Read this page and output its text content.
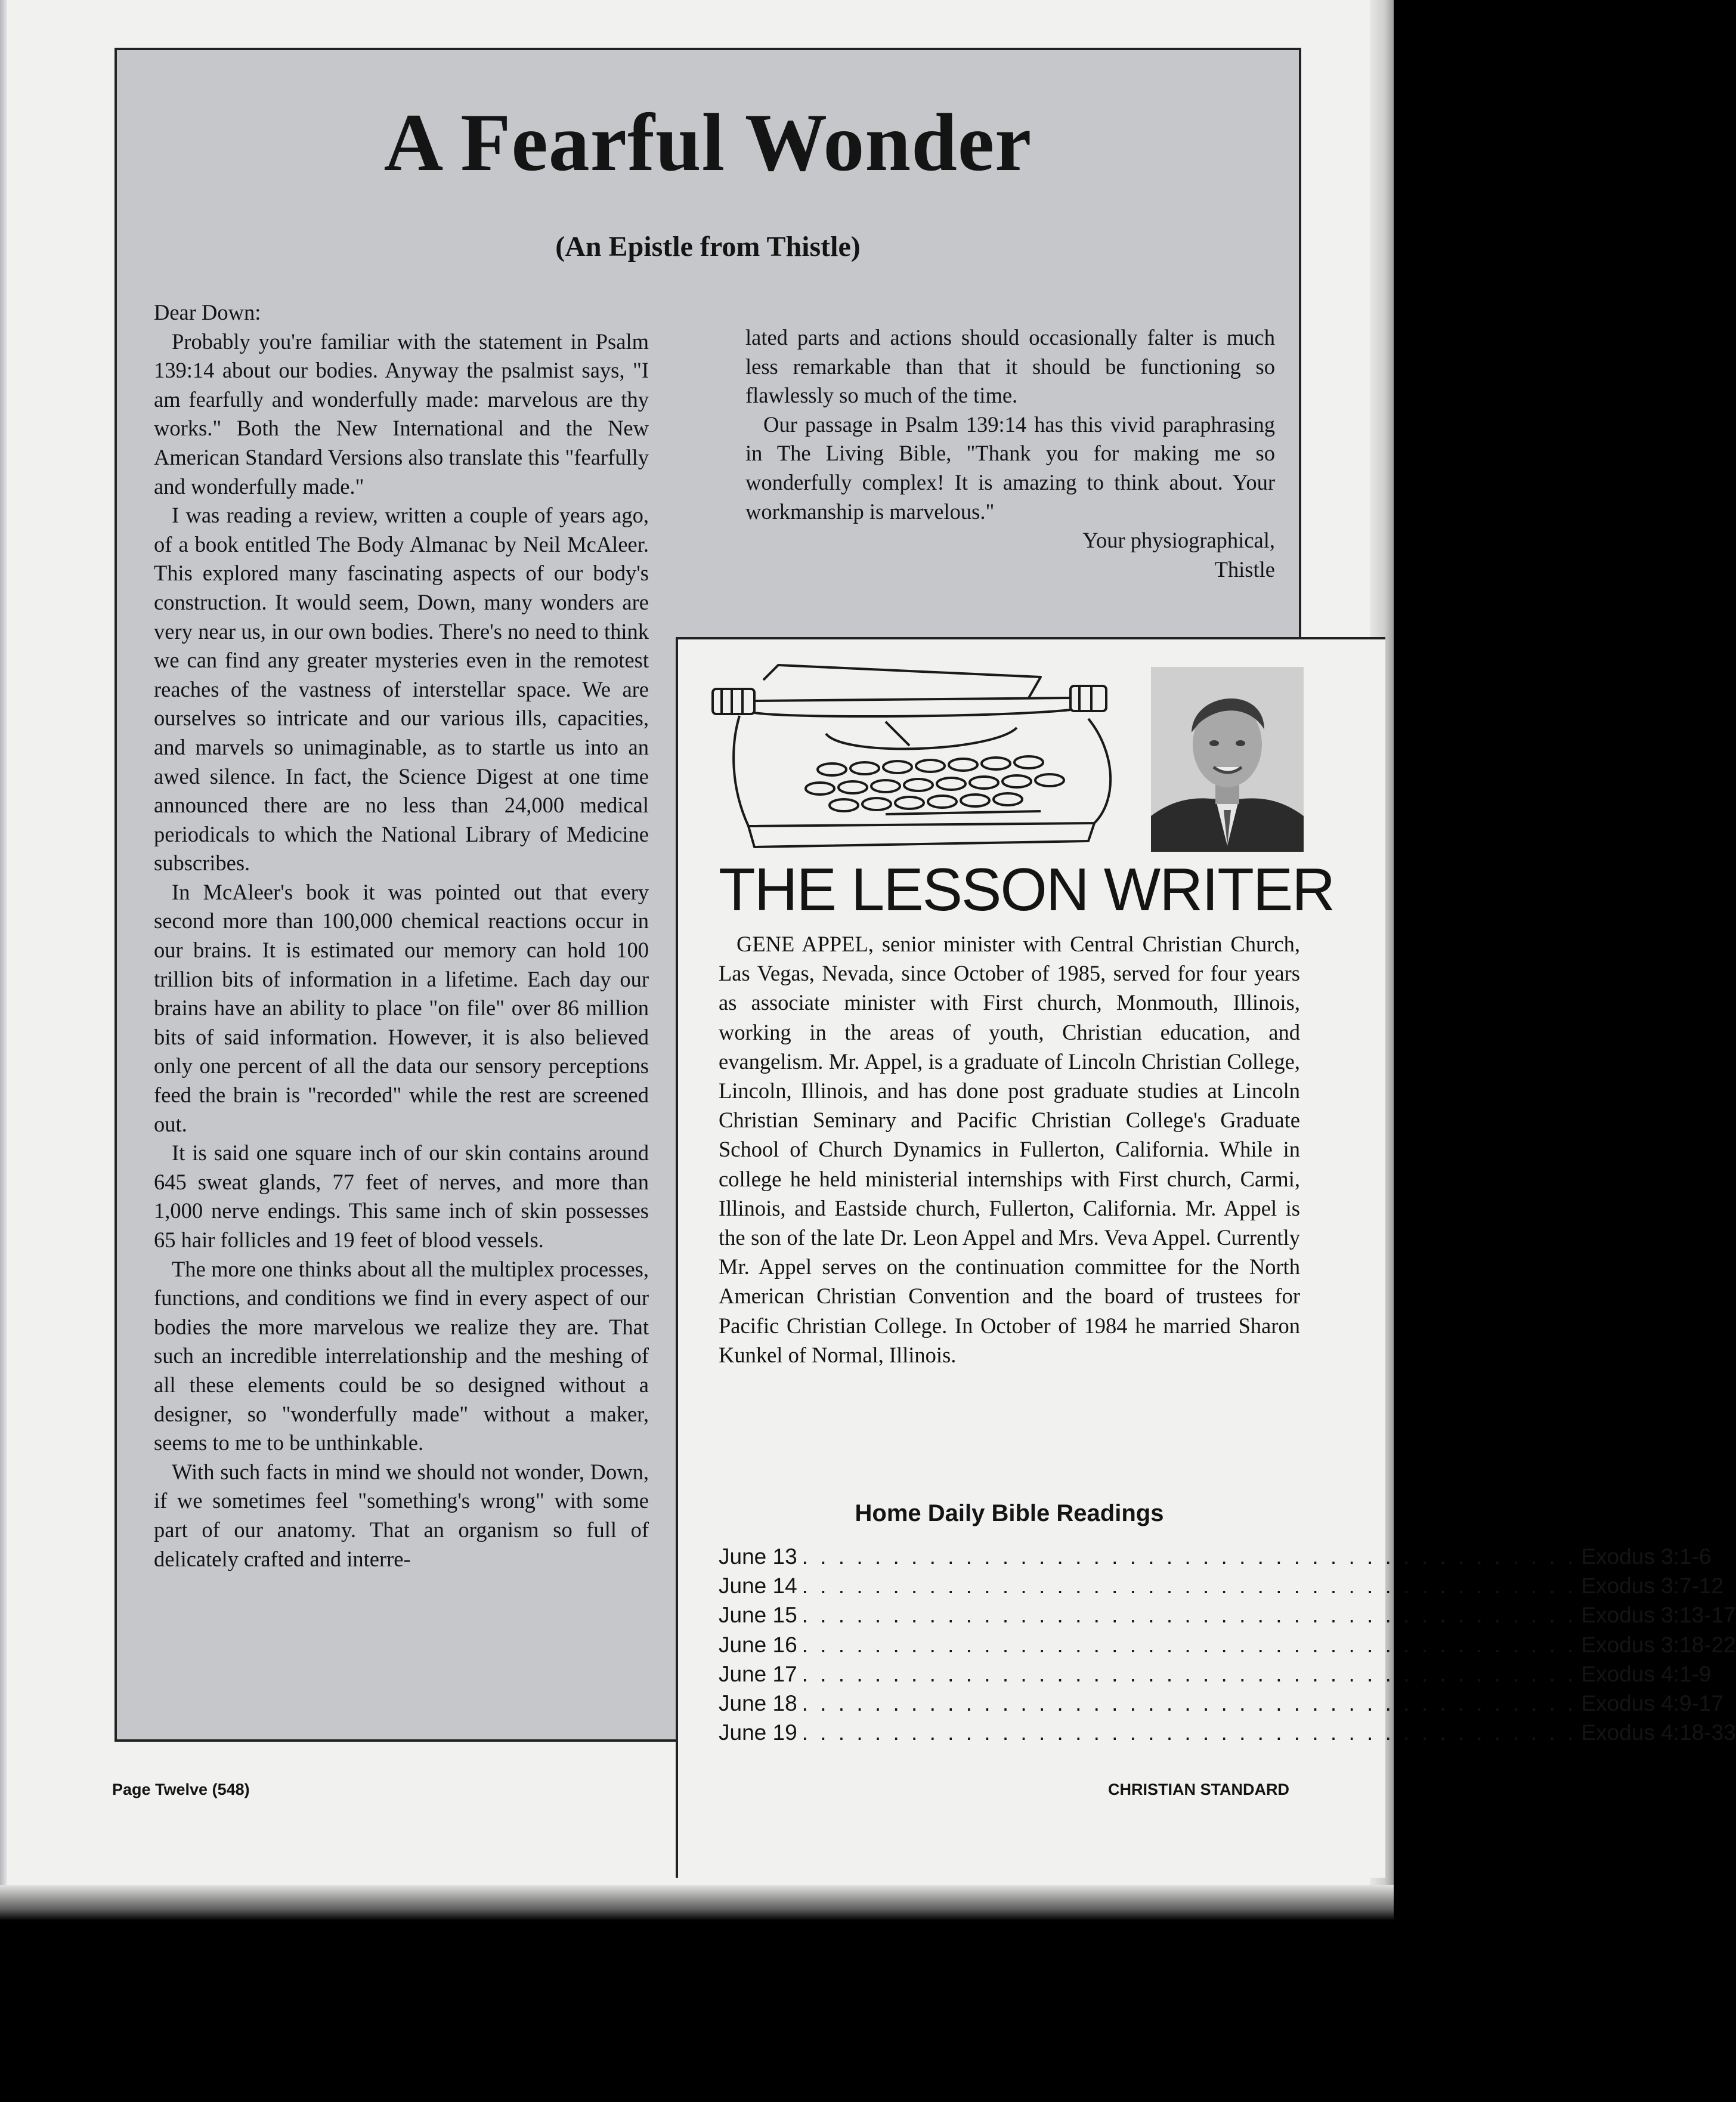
A Fearful Wonder
(An Epistle from Thistle)

Dear Down:

Probably you're familiar with the statement in Psalm 139:14 about our bodies. Anyway the psalmist says, "I am fearfully and wonderfully made: marvelous are thy works." Both the New International and the New American Standard Versions also translate this "fearfully and wonderfully made."

I was reading a review, written a couple of years ago, of a book entitled The Body Almanac by Neil McAleer. This explored many fascinating aspects of our body's construction. It would seem, Down, many wonders are very near us, in our own bodies. There's no need to think we can find any greater mysteries even in the remotest reaches of the vastness of interstellar space. We are ourselves so intricate and our various ills, capacities, and marvels so unimaginable, as to startle us into an awed silence. In fact, the Science Digest at one time announced there are no less than 24,000 medical periodicals to which the National Library of Medicine subscribes.

In McAleer's book it was pointed out that every second more than 100,000 chemical reactions occur in our brains. It is estimated our memory can hold 100 trillion bits of information in a lifetime. Each day our brains have an ability to place "on file" over 86 million bits of said information. However, it is also believed only one percent of all the data our sensory perceptions feed the brain is "recorded" while the rest are screened out.

It is said one square inch of our skin contains around 645 sweat glands, 77 feet of nerves, and more than 1,000 nerve endings. This same inch of skin possesses 65 hair follicles and 19 feet of blood vessels.

The more one thinks about all the multiplex processes, functions, and conditions we find in every aspect of our bodies the more marvelous we realize they are. That such an incredible interrelationship and the meshing of all these elements could be so designed without a designer, so "wonderfully made" without a maker, seems to me to be unthinkable.

With such facts in mind we should not wonder, Down, if we sometimes feel "something's wrong" with some part of our anatomy. That an organism so full of delicately crafted and interre-

lated parts and actions should occasionally falter is much less remarkable than that it should be functioning so flawlessly so much of the time.

Our passage in Psalm 139:14 has this vivid paraphrasing in The Living Bible, "Thank you for making me so wonderfully complex! It is amazing to think about. Your workmanship is marvelous."

Your physiographical,

Thistle

THE LESSON WRITER
GENE APPEL, senior minister with Central Christian Church, Las Vegas, Nevada, since October of 1985, served for four years as associate minister with First church, Monmouth, Illinois, working in the areas of youth, Christian education, and evangelism. Mr. Appel, is a graduate of Lincoln Christian College, Lincoln, Illinois, and has done post graduate studies at Lincoln Christian Seminary and Pacific Christian College's Graduate School of Church Dynamics in Fullerton, California. While in college he held ministerial internships with First church, Carmi, Illinois, and Eastside church, Fullerton, California. Mr. Appel is the son of the late Dr. Leon Appel and Mrs. Veva Appel. Currently Mr. Appel serves on the continuation committee for the North American Christian Convention and the board of trustees for Pacific Christian College. In October of 1984 he married Sharon Kunkel of Normal, Illinois.
Home Daily Bible Readings
June 13 . . . . . . . . . . . . . . . . . . . . . . . . . . . . . . . . . . . . . . . . . . . Exodus 3:1-6
June 14 . . . . . . . . . . . . . . . . . . . . . . . . . . . . . . . . . . . . . . . . . . . Exodus 3:7-12
June 15 . . . . . . . . . . . . . . . . . . . . . . . . . . . . . . . . . . . . . . . . . . . Exodus 3:13-17
June 16 . . . . . . . . . . . . . . . . . . . . . . . . . . . . . . . . . . . . . . . . . . . Exodus 3:18-22
June 17 . . . . . . . . . . . . . . . . . . . . . . . . . . . . . . . . . . . . . . . . . . . Exodus 4:1-9
June 18 . . . . . . . . . . . . . . . . . . . . . . . . . . . . . . . . . . . . . . . . . . . Exodus 4:9-17
June 19 . . . . . . . . . . . . . . . . . . . . . . . . . . . . . . . . . . . . . . . . . . . Exodus 4:18-33
Page Twelve (548)	CHRISTIAN STANDARD
